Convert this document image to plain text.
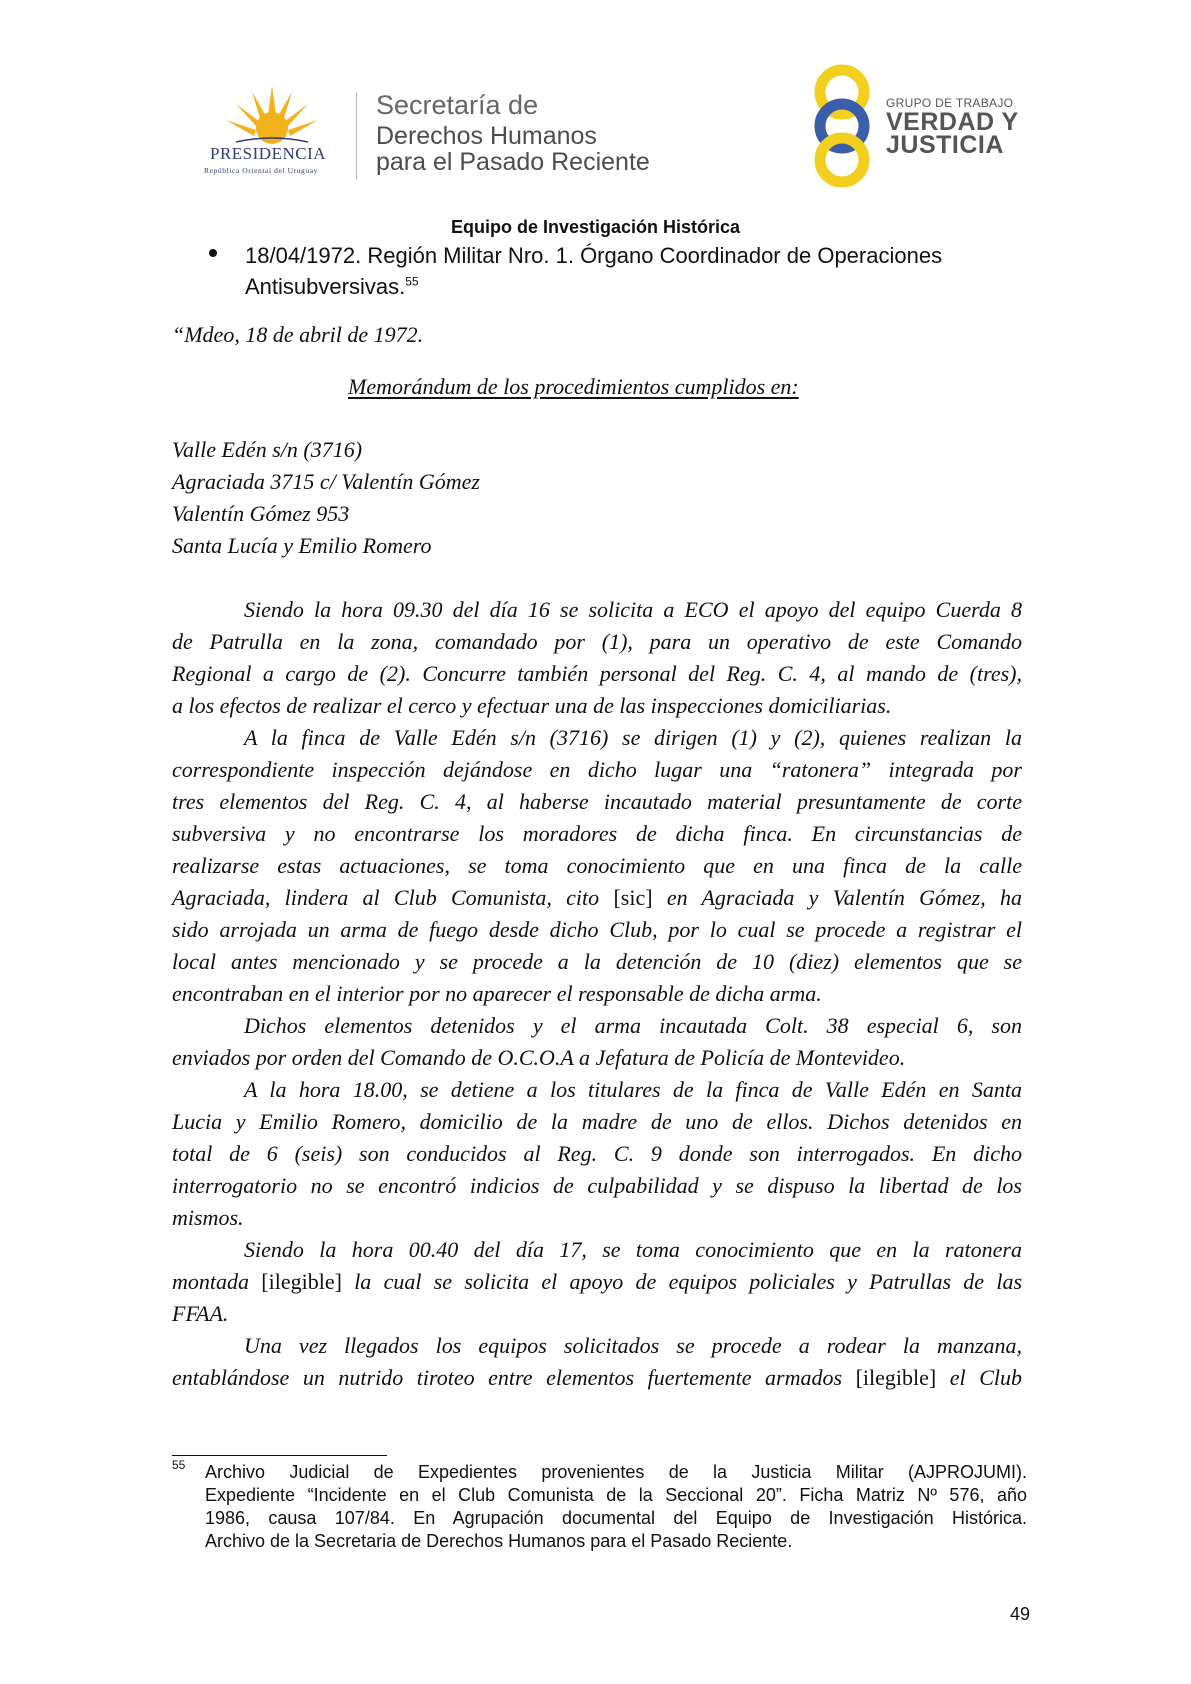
PRESIDENCIA
República Oriental del Uruguay
Secretaría de
Derechos Humanos
para el Pasado Reciente
GRUPO DE TRABAJO
VERDAD Y
JUSTICIA
Equipo de Investigación Histórica
18/04/1972. Región Militar Nro. 1. Órgano Coordinador de Operaciones
Antisubversivas.$^{55}$
“Mdeo, 18 de abril de 1972.
Memorándum de los procedimientos cumplidos en:
Valle Edén s/n (3716)
Agraciada 3715 c/ Valentín Gómez
Valentín Gómez 953
Santa Lucía y Emilio Romero
Siendo la hora 09.30 del día 16 se solicita a ECO el apoyo del equipo Cuerda 8
de Patrulla en la zona, comandado por (1), para un operativo de este Comando
Regional a cargo de (2). Concurre también personal del Reg. C. 4, al mando de (tres),
a los efectos de realizar el cerco y efectuar una de las inspecciones domiciliarias.
A la finca de Valle Edén s/n (3716) se dirigen (1) y (2), quienes realizan la
correspondiente inspección dejándose en dicho lugar una “ratonera” integrada por
tres elementos del Reg. C. 4, al haberse incautado material presuntamente de corte
subversiva y no encontrarse los moradores de dicha finca. En circunstancias de
realizarse estas actuaciones, se toma conocimiento que en una finca de la calle
Agraciada, lindera al Club Comunista, cito [sic] en Agraciada y Valentín Gómez, ha
sido arrojada un arma de fuego desde dicho Club, por lo cual se procede a registrar el
local antes mencionado y se procede a la detención de 10 (diez) elementos que se
encontraban en el interior por no aparecer el responsable de dicha arma.
Dichos elementos detenidos y el arma incautada Colt. 38 especial 6, son
enviados por orden del Comando de O.C.O.A a Jefatura de Policía de Montevideo.
A la hora 18.00, se detiene a los titulares de la finca de Valle Edén en Santa
Lucia y Emilio Romero, domicilio de la madre de uno de ellos. Dichos detenidos en
total de 6 (seis) son conducidos al Reg. C. 9 donde son interrogados. En dicho
interrogatorio no se encontró indicios de culpabilidad y se dispuso la libertad de los
mismos.
Siendo la hora 00.40 del día 17, se toma conocimiento que en la ratonera
montada [ilegible] la cual se solicita el apoyo de equipos policiales y Patrullas de las
FFAA.
Una vez llegados los equipos solicitados se procede a rodear la manzana,
entablándose un nutrido tiroteo entre elementos fuertemente armados [ilegible] el Club
55 Archivo Judicial de Expedientes provenientes de la Justicia Militar (AJPROJUMI).
Expediente “Incidente en el Club Comunista de la Seccional 20”. Ficha Matriz Nº 576, año
1986, causa 107/84. En Agrupación documental del Equipo de Investigación Histórica.
Archivo de la Secretaria de Derechos Humanos para el Pasado Reciente.
49
